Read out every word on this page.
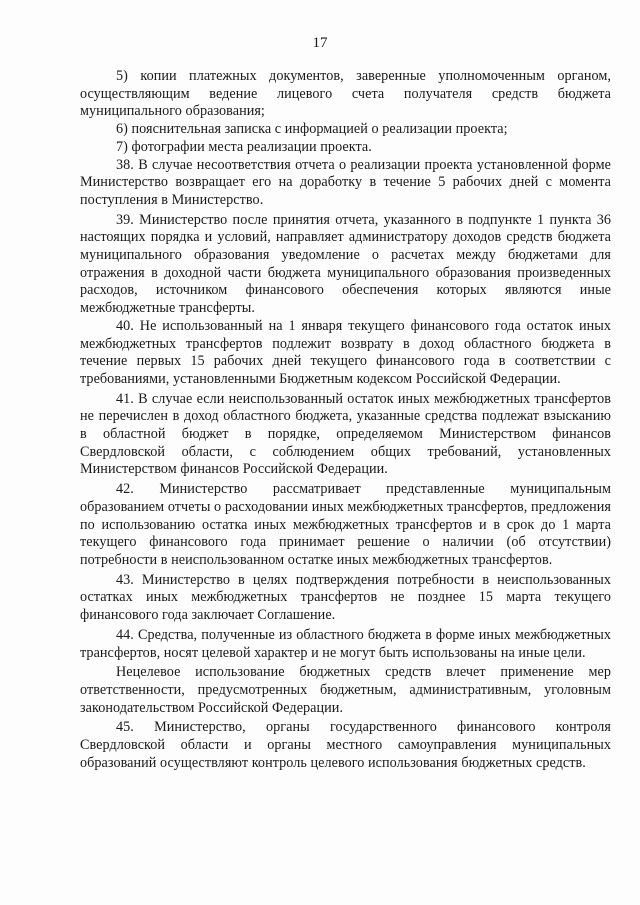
17

5) копии платежных документов, заверенные уполномоченным органом, осуществляющим ведение лицевого счета получателя средств бюджета муниципального образования;

6) пояснительная записка с информацией о реализации проекта;

7) фотографии места реализации проекта.

38. В случае несоответствия отчета о реализации проекта установленной форме Министерство возвращает его на доработку в течение 5 рабочих дней с момента поступления в Министерство.

39. Министерство после принятия отчета, указанного в подпункте 1 пункта 36 настоящих порядка и условий, направляет администратору доходов средств бюджета муниципального образования уведомление о расчетах между бюджетами для отражения в доходной части бюджета муниципального образования произведенных расходов, источником финансового обеспечения которых являются иные межбюджетные трансферты.

40. Не использованный на 1 января текущего финансового года остаток иных межбюджетных трансфертов подлежит возврату в доход областного бюджета в течение первых 15 рабочих дней текущего финансового года в соответствии с требованиями, установленными Бюджетным кодексом Российской Федерации.

41. В случае если неиспользованный остаток иных межбюджетных трансфертов не перечислен в доход областного бюджета, указанные средства подлежат взысканию в областной бюджет в порядке, определяемом Министерством финансов Свердловской области, с соблюдением общих требований, установленных Министерством финансов Российской Федерации.

42. Министерство рассматривает представленные муниципальным образованием отчеты о расходовании иных межбюджетных трансфертов, предложения по использованию остатка иных межбюджетных трансфертов и в срок до 1 марта текущего финансового года принимает решение о наличии (об отсутствии) потребности в неиспользованном остатке иных межбюджетных трансфертов.

43. Министерство в целях подтверждения потребности в неиспользованных остатках иных межбюджетных трансфертов не позднее 15 марта текущего финансового года заключает Соглашение.

44. Средства, полученные из областного бюджета в форме иных межбюджетных трансфертов, носят целевой характер и не могут быть использованы на иные цели.

Нецелевое использование бюджетных средств влечет применение мер ответственности, предусмотренных бюджетным, административным, уголовным законодательством Российской Федерации.

45. Министерство, органы государственного финансового контроля Свердловской области и органы местного самоуправления муниципальных образований осуществляют контроль целевого использования бюджетных средств.
